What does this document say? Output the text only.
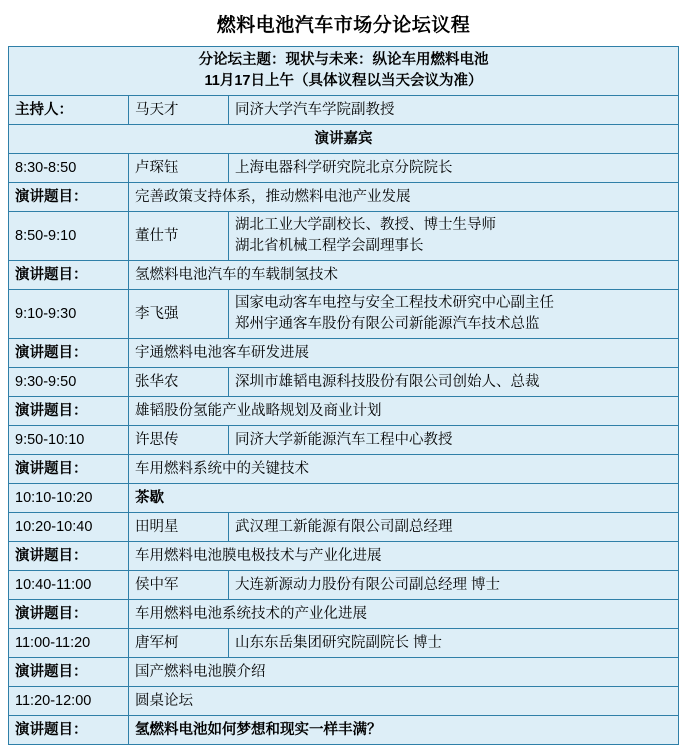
燃料电池汽车市场分论坛议程
分论坛主题：现状与未来：纵论车用燃料电池
11月17日上午（具体议程以当天会议为准）		

主持人：	马天才	同济大学汽车学院副教授
演讲嘉宾		
8:30-8:50	卢琛钰	上海电器科学研究院北京分院院长
演讲题目：	完善政策支持体系，推动燃料电池产业发展	
8:50-9:10	董仕节	湖北工业大学副校长、教授、博士生导师
湖北省机械工程学会副理事长

演讲题目：	氢燃料电池汽车的车载制氢技术	
9:10-9:30	李飞强	国家电动客车电控与安全工程技术研究中心副主任
郑州宇通客车股份有限公司新能源汽车技术总监

演讲题目：	宇通燃料电池客车研发进展	
9:30-9:50	张华农	深圳市雄韬电源科技股份有限公司创始人、总裁
演讲题目：	雄韬股份氢能产业战略规划及商业计划	
9:50-10:10	许思传	同济大学新能源汽车工程中心教授
演讲题目：	车用燃料系统中的关键技术	
10:10-10:20	茶歇	
10:20-10:40	田明星	武汉理工新能源有限公司副总经理
演讲题目：	车用燃料电池膜电极技术与产业化进展	
10:40-11:00	侯中军	大连新源动力股份有限公司副总经理 博士
演讲题目：	车用燃料电池系统技术的产业化进展	
11:00-11:20	唐军柯	山东东岳集团研究院副院长 博士
演讲题目：	国产燃料电池膜介绍	
11:20-12:00	圆桌论坛	
演讲题目：	氢燃料电池如何梦想和现实一样丰满？	
